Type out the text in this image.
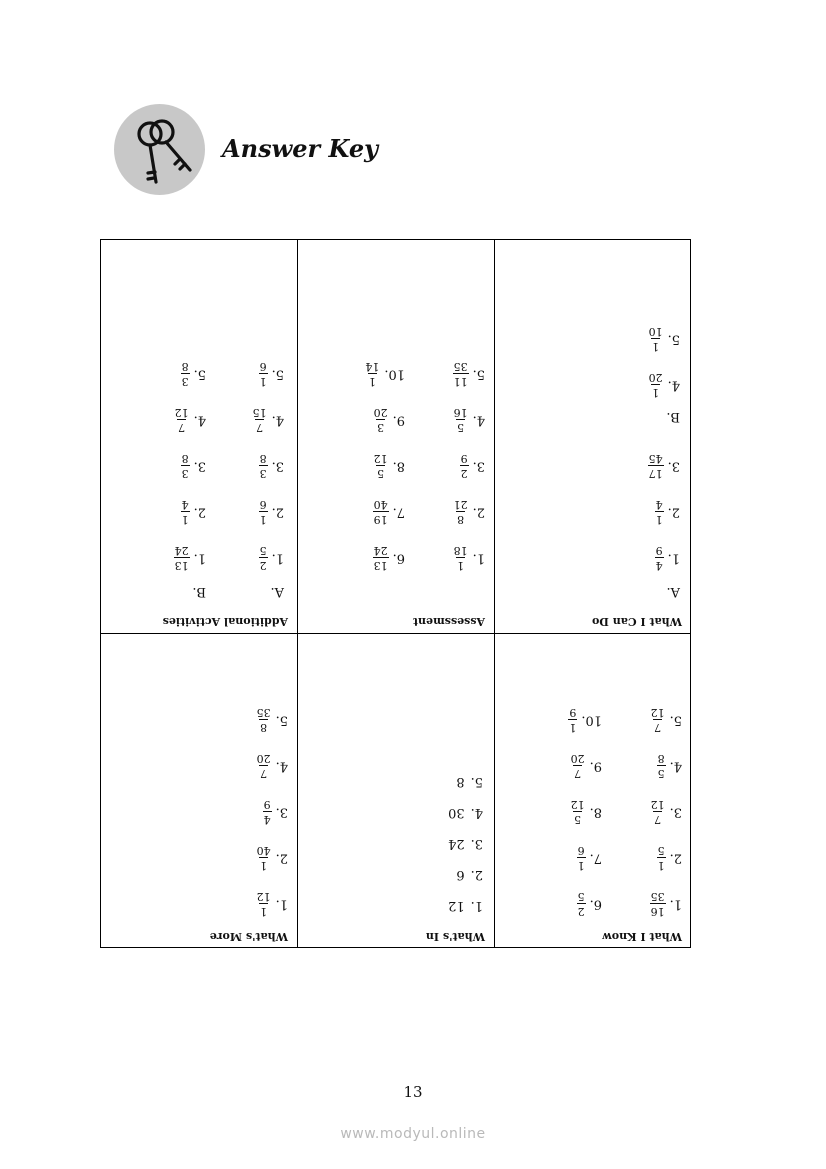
Answer Key
Additional Activities
A.
B.
1.
2
5
2.
1
6
3.
3
8
4.
7
15
5.
1
6
1.
13
24
2.
1
4
3.
3
8
4.
7
12
5.
3
8
Assessment
1.
1
18
2.
8
21
3.
2
9
4.
5
16
5.
11
35
6.
13
24
7.
19
40
8.
5
12
9.
3
20
10.
1
14
What I Can Do
A.
B.
1.
4
9
2.
1
4
3.
17
45
4.
1
20
5.
1
10
What's More
1.
1
12
2.
1
40
3.
4
9
4.
7
20
5.
8
35
What's In
1.12
2.6
3.24
4.30
5.8
What I Know
1.
16
35
2.
1
5
3.
7
12
4.
5
8
5.
7
12
6.
2
5
7.
1
6
8.
5
12
9.
7
20
10.
1
9
13
www.modyul.online
